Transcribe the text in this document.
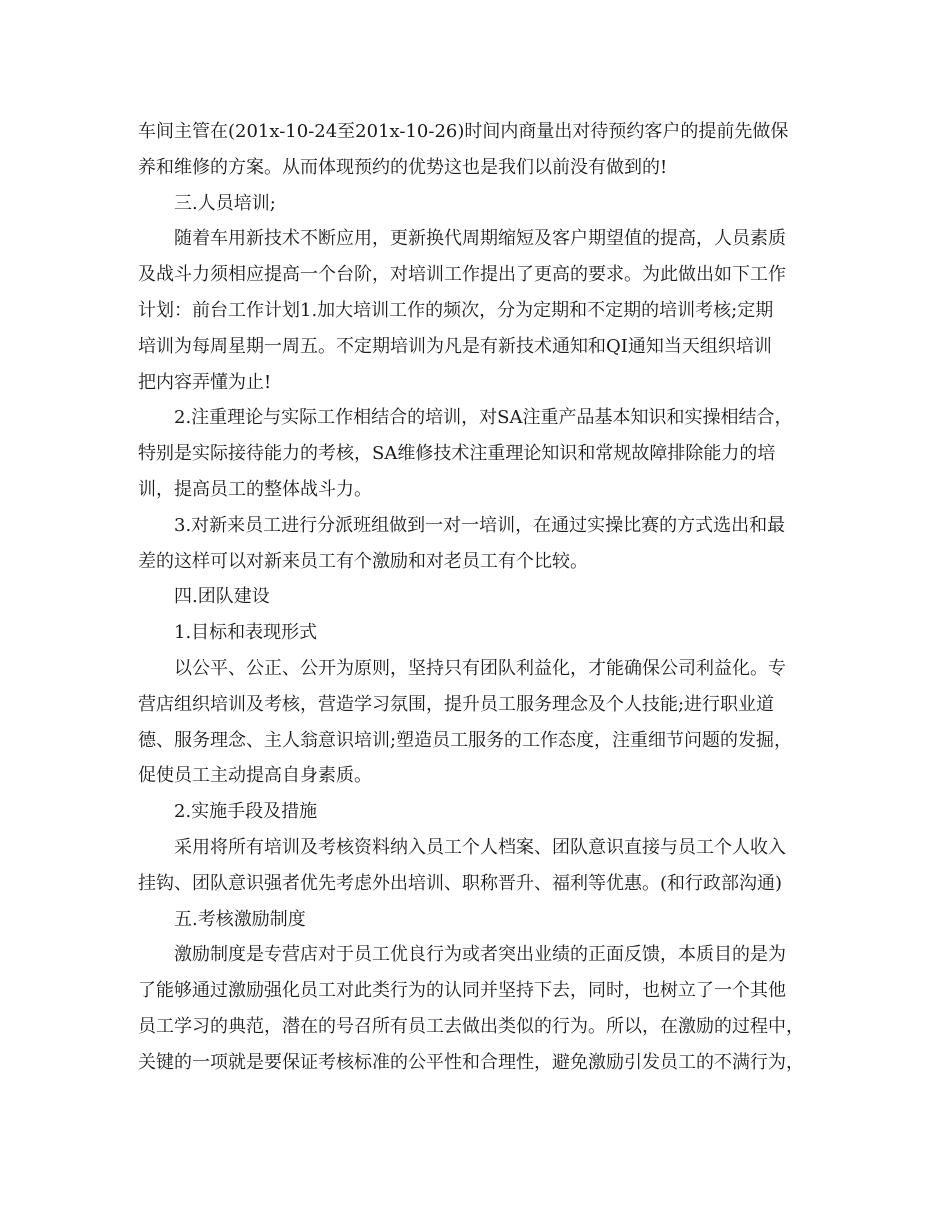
车间主管在(201x-10-24至201x-10-26)时间内商量出对待预约客户的提前先做保
养和维修的方案。从而体现预约的优势这也是我们以前没有做到的!
三.人员培训;
随着车用新技术不断应用，更新换代周期缩短及客户期望值的提高，人员素质
及战斗力须相应提高一个台阶，对培训工作提出了更高的要求。为此做出如下工作
计划：前台工作计划1.加大培训工作的频次，分为定期和不定期的培训考核;定期
培训为每周星期一周五。不定期培训为凡是有新技术通知和QI通知当天组织培训
把内容弄懂为止!
2.注重理论与实际工作相结合的培训，对SA注重产品基本知识和实操相结合，
特别是实际接待能力的考核，SA维修技术注重理论知识和常规故障排除能力的培
训，提高员工的整体战斗力。
3.对新来员工进行分派班组做到一对一培训，在通过实操比赛的方式选出和最
差的这样可以对新来员工有个激励和对老员工有个比较。
四.团队建设
1.目标和表现形式
以公平、公正、公开为原则，坚持只有团队利益化，才能确保公司利益化。专
营店组织培训及考核，营造学习氛围，提升员工服务理念及个人技能;进行职业道
德、服务理念、主人翁意识培训;塑造员工服务的工作态度，注重细节问题的发掘，
促使员工主动提高自身素质。
2.实施手段及措施
采用将所有培训及考核资料纳入员工个人档案、团队意识直接与员工个人收入
挂钩、团队意识强者优先考虑外出培训、职称晋升、福利等优惠。(和行政部沟通)
五.考核激励制度
激励制度是专营店对于员工优良行为或者突出业绩的正面反馈，本质目的是为
了能够通过激励强化员工对此类行为的认同并坚持下去，同时，也树立了一个其他
员工学习的典范，潜在的号召所有员工去做出类似的行为。所以，在激励的过程中，
关键的一项就是要保证考核标准的公平性和合理性，避免激励引发员工的不满行为，
